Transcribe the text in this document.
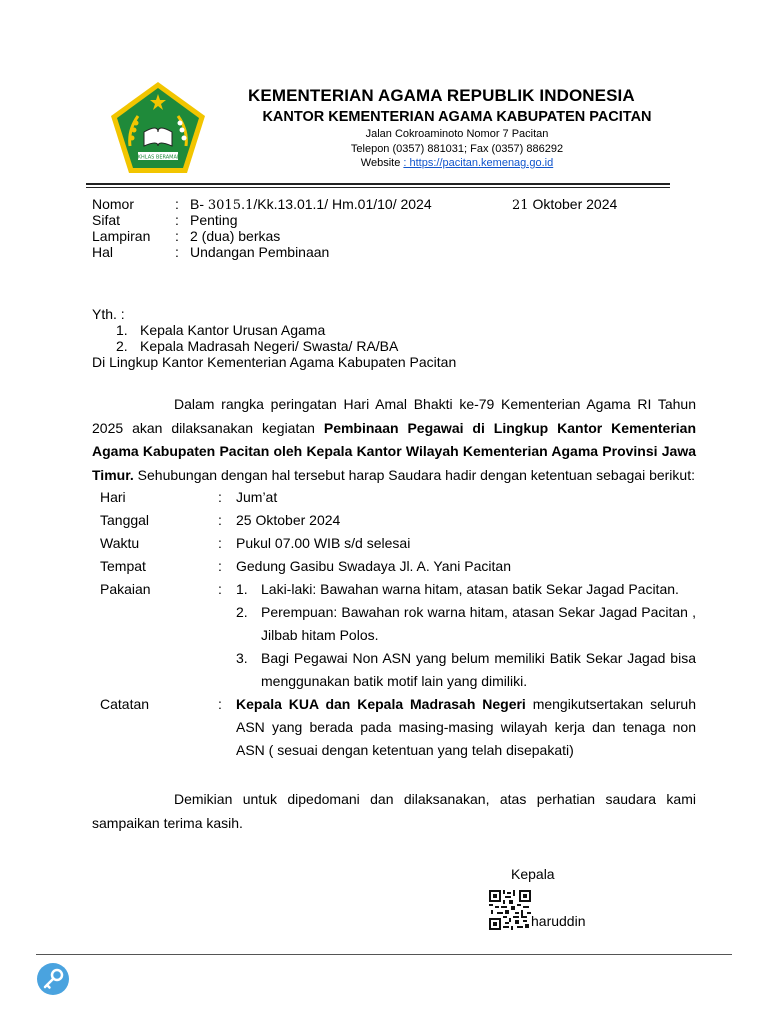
IKHLAS BERAMAL
KEMENTERIAN AGAMA REPUBLIK INDONESIA
KANTOR KEMENTERIAN AGAMA KABUPATEN PACITAN
Jalan Cokroaminoto Nomor 7 Pacitan
Telepon (0357) 881031; Fax (0357) 886292
Website : https://pacitan.kemenag.go.id
Nomor	: B- 3015.1/Kk.13.01.1/ Hm.01/10/ 2024
Sifat	: Penting
Lampiran : 2 (dua) berkas
Hal	: Undangan Pembinaan
21 Oktober 2024
Yth. :
1. Kepala Kantor Urusan Agama
2. Kepala Madrasah Negeri/ Swasta/ RA/BA
Di Lingkup Kantor Kementerian Agama Kabupaten Pacitan

Dalam rangka peringatan Hari Amal Bhakti ke-79 Kementerian Agama RI Tahun 2025 akan dilaksanakan kegiatan Pembinaan Pegawai di Lingkup Kantor Kementerian Agama Kabupaten Pacitan oleh Kepala Kantor Wilayah Kementerian Agama Provinsi Jawa Timur. Sehubungan dengan hal tersebut harap Saudara hadir dengan ketentuan sebagai berikut:

Hari	: Jum’at
Tanggal	: 25 Oktober 2024
Waktu	: Pukul 07.00 WIB s/d selesai
Tempat	: Gedung Gasibu Swadaya Jl. A. Yani Pacitan
Pakaian	: 1. Laki-laki: Bawahan warna hitam, atasan batik Sekar Jagad Pacitan.
2. Perempuan: Bawahan rok warna hitam, atasan Sekar Jagad Pacitan , Jilbab hitam Polos.
3. Bagi Pegawai Non ASN yang belum memiliki Batik Sekar Jagad bisa menggunakan batik motif lain yang dimiliki.
Catatan	: Kepala KUA dan Kepala Madrasah Negeri mengikutsertakan seluruh ASN yang berada pada masing-masing wilayah kerja dan tenaga non ASN ( sesuai dengan ketentuan yang telah disepakati)

Demikian untuk dipedomani dan dilaksanakan, atas perhatian saudara kami sampaikan terima kasih.

Kepala
haruddin
